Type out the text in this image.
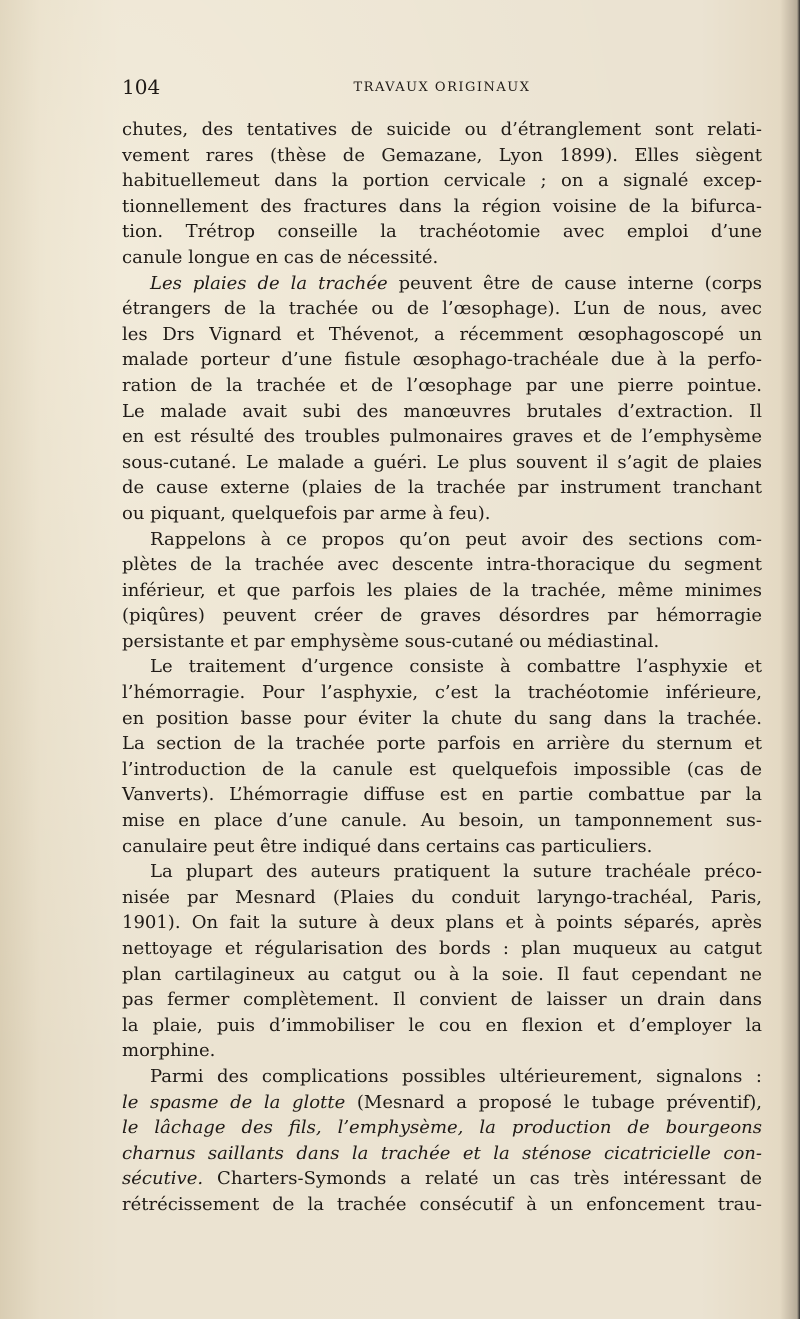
104	TRAVAUX ORIGINAUX
chutes, des tentatives de suicide ou d’étranglement sont relati-
vement rares (thèse de Gemazane, Lyon 1899). Elles siègent
habituellemeut dans la portion cervicale ; on a signalé excep-
tionnellement des fractures dans la région voisine de la bifurca-
tion. Trétrop conseille la trachéotomie avec emploi d’une
canule longue en cas de nécessité.
Les plaies de la trachée peuvent être de cause interne (corps
étrangers de la trachée ou de l’œsophage). L’un de nous, avec
les Drs Vignard et Thévenot, a récemment œsophagoscopé un
malade porteur d’une fistule œsophago-trachéale due à la perfo-
ration de la trachée et de l’œsophage par une pierre pointue.
Le malade avait subi des manœuvres brutales d’extraction. Il
en est résulté des troubles pulmonaires graves et de l’emphysème
sous-cutané. Le malade a guéri. Le plus souvent il s’agit de plaies
de cause externe (plaies de la trachée par instrument tranchant
ou piquant, quelquefois par arme à feu).
Rappelons à ce propos qu’on peut avoir des sections com-
plètes de la trachée avec descente intra-thoracique du segment
inférieur, et que parfois les plaies de la trachée, même minimes
(piqûres) peuvent créer de graves désordres par hémorragie
persistante et par emphysème sous-cutané ou médiastinal.
Le traitement d’urgence consiste à combattre l’asphyxie et
l’hémorragie. Pour l’asphyxie, c’est la trachéotomie inférieure,
en position basse pour éviter la chute du sang dans la trachée.
La section de la trachée porte parfois en arrière du sternum et
l’introduction de la canule est quelquefois impossible (cas de
Vanverts). L’hémorragie diffuse est en partie combattue par la
mise en place d’une canule. Au besoin, un tamponnement sus-
canulaire peut être indiqué dans certains cas particuliers.
La plupart des auteurs pratiquent la suture trachéale préco-
nisée par Mesnard (Plaies du conduit laryngo-trachéal, Paris,
1901). On fait la suture à deux plans et à points séparés, après
nettoyage et régularisation des bords : plan muqueux au catgut
plan cartilagineux au catgut ou à la soie. Il faut cependant ne
pas fermer complètement. Il convient de laisser un drain dans
la plaie, puis d’immobiliser le cou en flexion et d’employer la
morphine.
Parmi des complications possibles ultérieurement, signalons :
le spasme de la glotte (Mesnard a proposé le tubage préventif),
le lâchage des fils, l’emphysème, la production de bourgeons
charnus saillants dans la trachée et la sténose cicatricielle con-
sécutive. Charters-Symonds a relaté un cas très intéressant de
rétrécissement de la trachée consécutif à un enfoncement trau-
